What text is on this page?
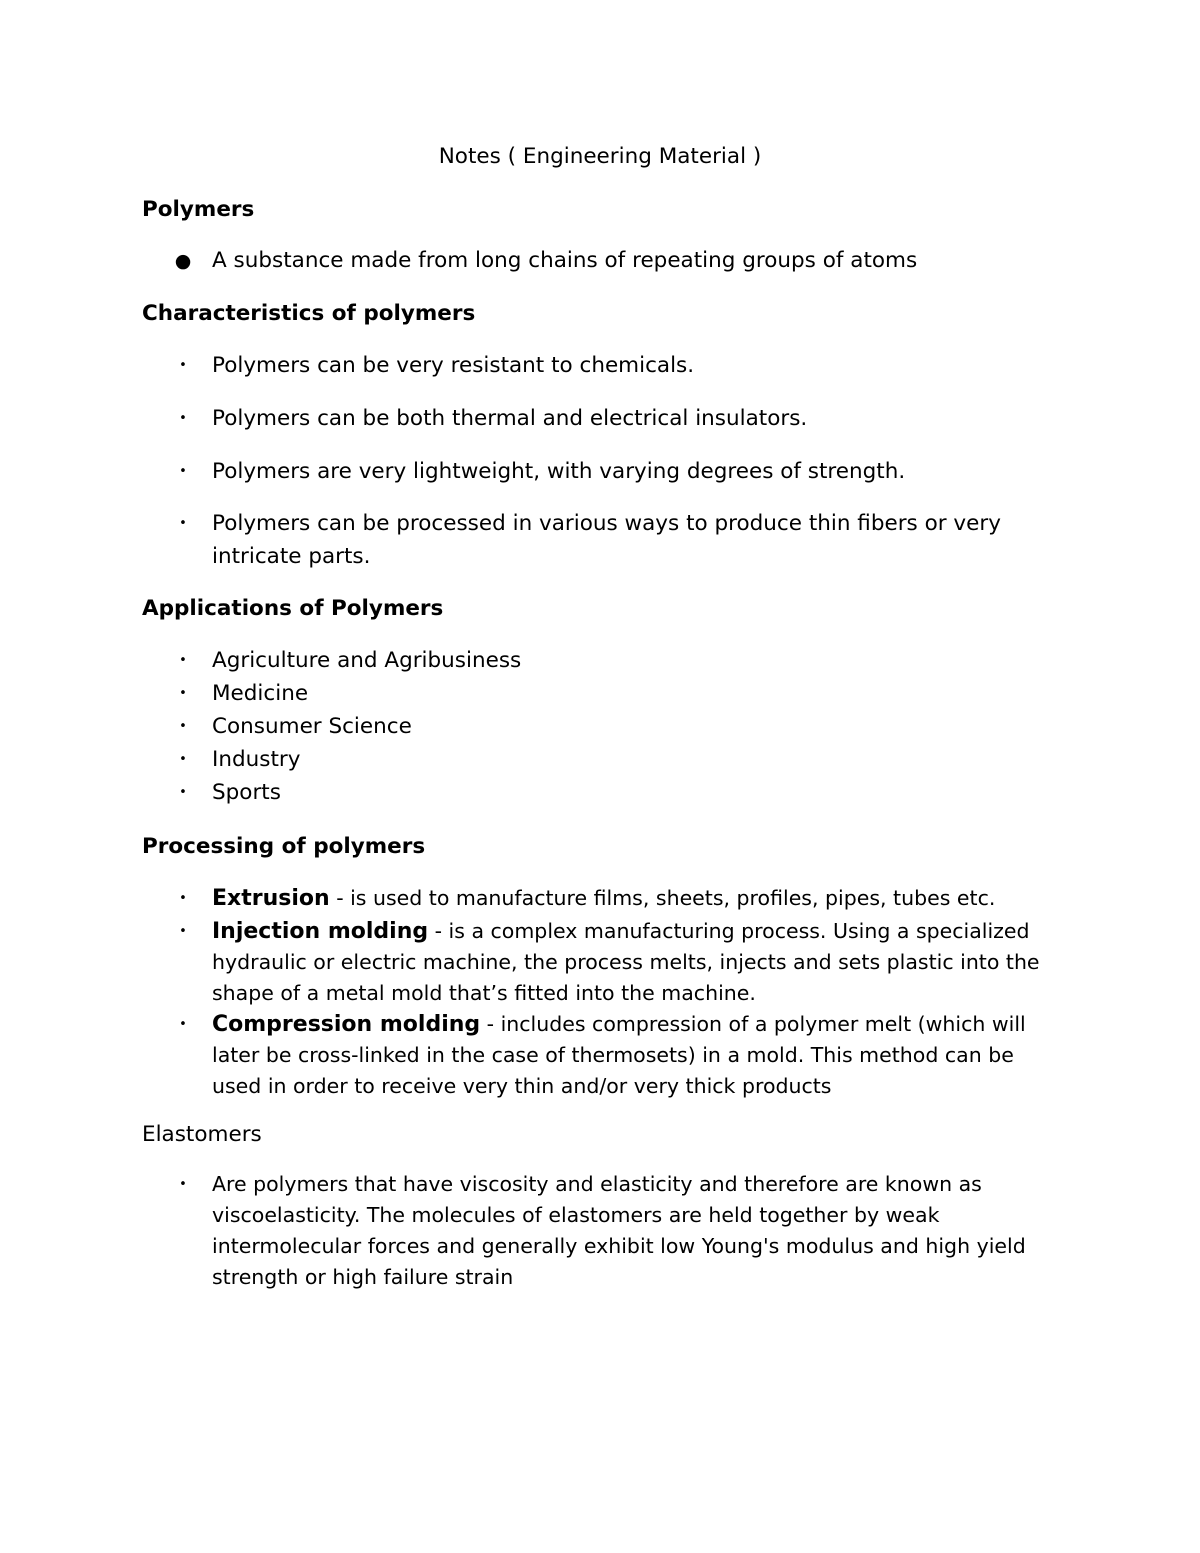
Notes ( Engineering Material )
Polymers
● A substance made from long chains of repeating groups of atoms
Characteristics of polymers
• Polymers can be very resistant to chemicals.
• Polymers can be both thermal and electrical insulators.
• Polymers are very lightweight, with varying degrees of strength.
• Polymers can be processed in various ways to produce thin fibers or very intricate parts.
Applications of Polymers
• Agriculture and Agribusiness
• Medicine
• Consumer Science
• Industry
• Sports
Processing of polymers
• Extrusion - is used to manufacture films, sheets, profiles, pipes, tubes etc.
• Injection molding - is a complex manufacturing process. Using a specialized hydraulic or electric machine, the process melts, injects and sets plastic into the shape of a metal mold that’s fitted into the machine.
• Compression molding - includes compression of a polymer melt (which will later be cross-linked in the case of thermosets) in a mold. This method can be used in order to receive very thin and/or very thick products
Elastomers
•	Are polymers that have viscosity and elasticity and therefore are known as viscoelasticity. The molecules of elastomers are held together by weak intermolecular forces and generally exhibit low Young's modulus and high yield strength or high failure strain
